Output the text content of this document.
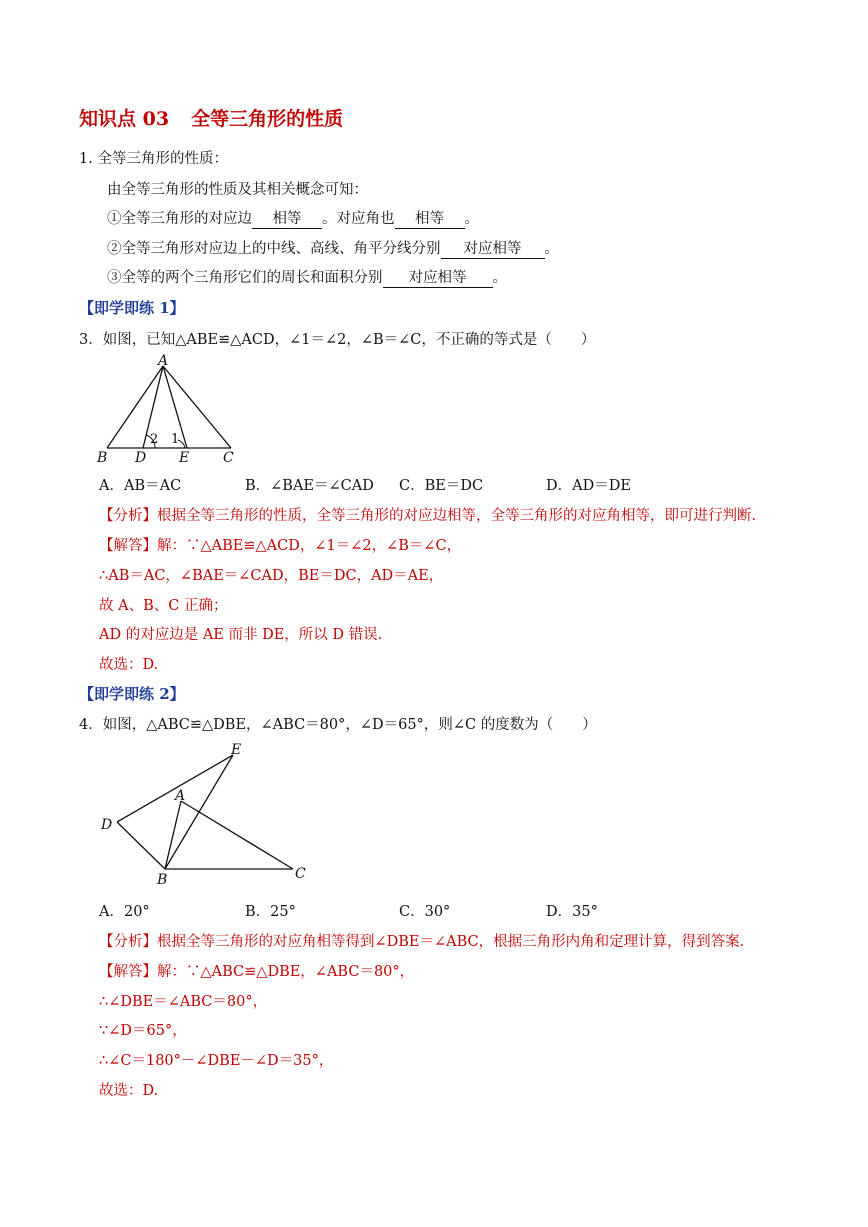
知识点 03 全等三角形的性质
1. 全等三角形的性质：
由全等三角形的性质及其相关概念可知：
①全等三角形的对应边 相等 。对应角也 相等 。
②全等三角形对应边上的中线、高线、角平分线分别 对应相等 。
③全等的两个三角形它们的周长和面积分别 对应相等 。
【即学即练 1】
3．如图，已知△ABE≌△ACD，∠1＝∠2，∠B＝∠C，不正确的等式是（　　）
A
B	C
D E
2 1
A．AB＝AC	B．∠BAE＝∠CAD C．BE＝DC	D．AD＝DE
【分析】根据全等三角形的性质，全等三角形的对应边相等，全等三角形的对应角相等，即可进行判断.
【解答】解：∵△ABE≌△ACD，∠1＝∠2，∠B＝∠C，
∴AB＝AC，∠BAE＝∠CAD，BE＝DC，AD＝AE，
故 A、B、C 正确；
AD 的对应边是 AE 而非 DE，所以 D 错误.
故选：D.
【即学即练 2】
4．如图，△ABC≌△DBE，∠ABC＝80°，∠D＝65°，则∠C 的度数为（　　）
E
A
D
B	C
A．20°	B．25°	C．30°	D．35°
【分析】根据全等三角形的对应角相等得到∠DBE＝∠ABC，根据三角形内角和定理计算，得到答案.
【解答】解：∵△ABC≌△DBE，∠ABC＝80°，
∴∠DBE＝∠ABC＝80°，
∵∠D＝65°，
∴∠C＝180°－∠DBE－∠D＝35°，
故选：D.
